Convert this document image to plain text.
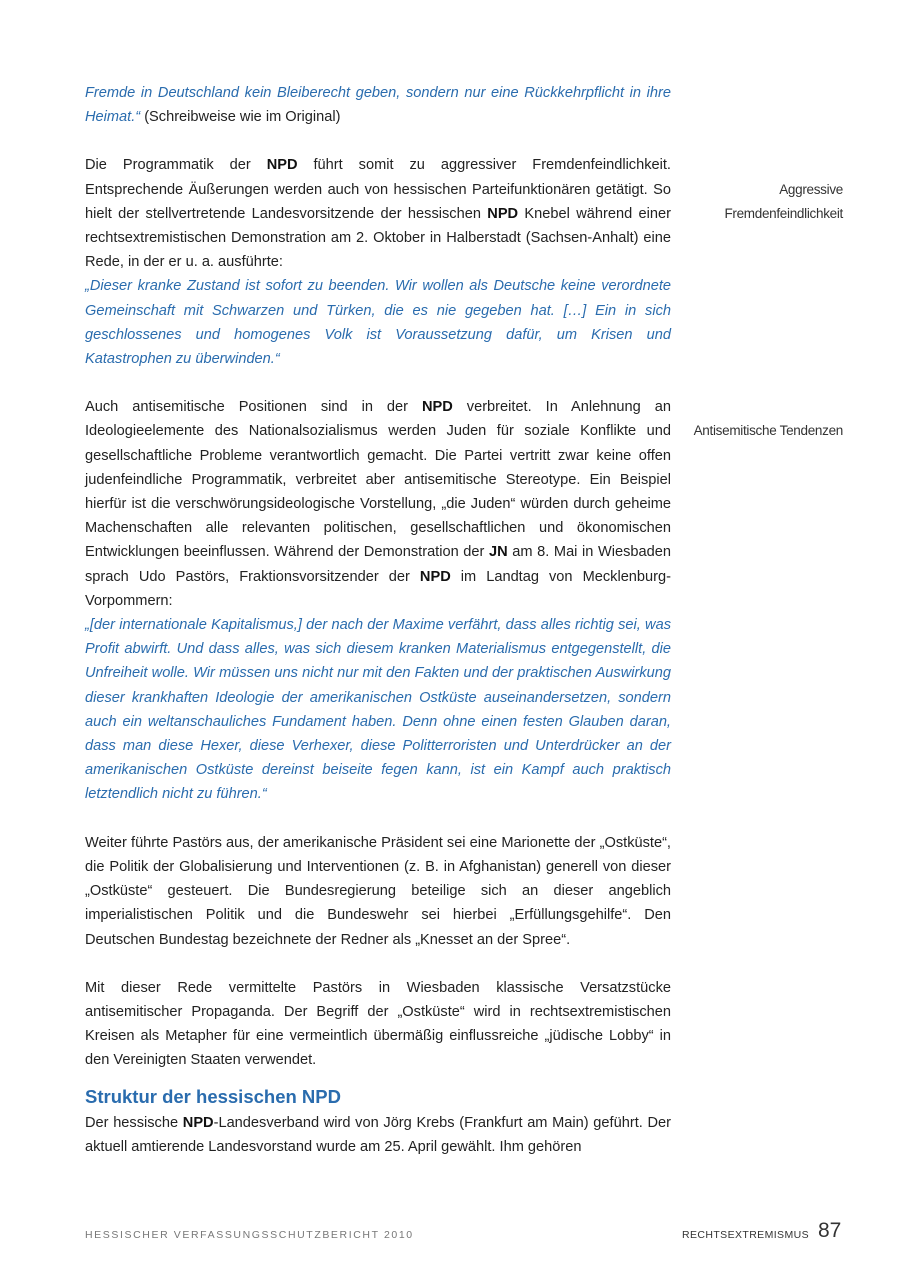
Fremde in Deutschland kein Bleiberecht geben, sondern nur eine Rückkehrpflicht in ihre Heimat.“ (Schreibweise wie im Original)

Die Programmatik der NPD führt somit zu aggressiver Fremdenfeindlichkeit. Entsprechende Äußerungen werden auch von hessischen Parteifunktionären getätigt. So hielt der stellvertretende Landesvorsitzende der hessischen NPD Knebel während einer rechtsextremistischen Demonstration am 2. Oktober in Halberstadt (Sachsen-Anhalt) eine Rede, in der er u. a. ausführte:

„Dieser kranke Zustand ist sofort zu beenden. Wir wollen als Deutsche keine verordnete Gemeinschaft mit Schwarzen und Türken, die es nie gegeben hat. […] Ein in sich geschlossenes und homogenes Volk ist Voraussetzung dafür, um Krisen und Katastrophen zu überwinden.“

Auch antisemitische Positionen sind in der NPD verbreitet. In Anlehnung an Ideologieelemente des Nationalsozialismus werden Juden für soziale Konflikte und gesellschaftliche Probleme verantwortlich gemacht. Die Partei vertritt zwar keine offen judenfeindliche Programmatik, verbreitet aber antisemitische Stereotype. Ein Beispiel hierfür ist die verschwörungsideologische Vorstellung, „die Juden“ würden durch geheime Machenschaften alle relevanten politischen, gesellschaftlichen und ökonomischen Entwicklungen beeinflussen. Während der Demonstration der JN am 8. Mai in Wiesbaden sprach Udo Pastörs, Fraktionsvorsitzender der NPD im Landtag von Mecklenburg-Vorpommern:

„[der internationale Kapitalismus,] der nach der Maxime verfährt, dass alles richtig sei, was Profit abwirft. Und dass alles, was sich diesem kranken Materialismus entgegenstellt, die Unfreiheit wolle. Wir müssen uns nicht nur mit den Fakten und der praktischen Auswirkung dieser krankhaften Ideologie der amerikanischen Ostküste auseinandersetzen, sondern auch ein weltanschauliches Fundament haben. Denn ohne einen festen Glauben daran, dass man diese Hexer, diese Verhexer, diese Politterroristen und Unterdrücker an der amerikanischen Ostküste dereinst beiseite fegen kann, ist ein Kampf auch praktisch letztendlich nicht zu führen.“

Weiter führte Pastörs aus, der amerikanische Präsident sei eine Marionette der „Ostküste“, die Politik der Globalisierung und Interventionen (z. B. in Afghanistan) generell von dieser „Ostküste“ gesteuert. Die Bundesregierung beteilige sich an dieser angeblich imperialistischen Politik und die Bundeswehr sei hierbei „Erfüllungsgehilfe“. Den Deutschen Bundestag bezeichnete der Redner als „Knesset an der Spree“.

Mit dieser Rede vermittelte Pastörs in Wiesbaden klassische Versatzstücke antisemitischer Propaganda. Der Begriff der „Ostküste“ wird in rechtsextremistischen Kreisen als Metapher für eine vermeintlich übermäßig einflussreiche „jüdische Lobby“ in den Vereinigten Staaten verwendet.

Struktur der hessischen NPD

Der hessische NPD-Landesverband wird von Jörg Krebs (Frankfurt am Main) geführt. Der aktuell amtierende Landesvorstand wurde am 25. April gewählt. Ihm gehören

Aggressive
Fremdenfeindlichkeit
Antisemitische Tendenzen
HESSISCHER VERFASSUNGSSCHUTZBERICHT 2010	RECHTSEXTREMISMUS 87
